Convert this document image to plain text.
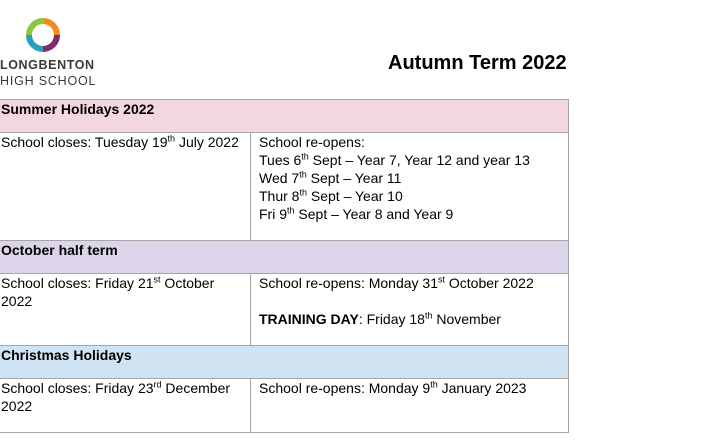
LONGBENTON
HIGH SCHOOL
Autumn Term 2022
Summer Holidays 2022	
School closes: Tuesday 19th July 2022	School re-opens:
Tues 6th Sept – Year 7, Year 12 and year 13
Wed 7th Sept – Year 11
Thur 8th Sept – Year 10
Fri 9th Sept – Year 8 and Year 9

October half term	
School closes: Friday 21st October 2022	School re-opens: Monday 31st October 2022
TRAINING DAY: Friday 18th November

Christmas Holidays	
School closes: Friday 23rd December 2022	School re-opens: Monday 9th January 2023
